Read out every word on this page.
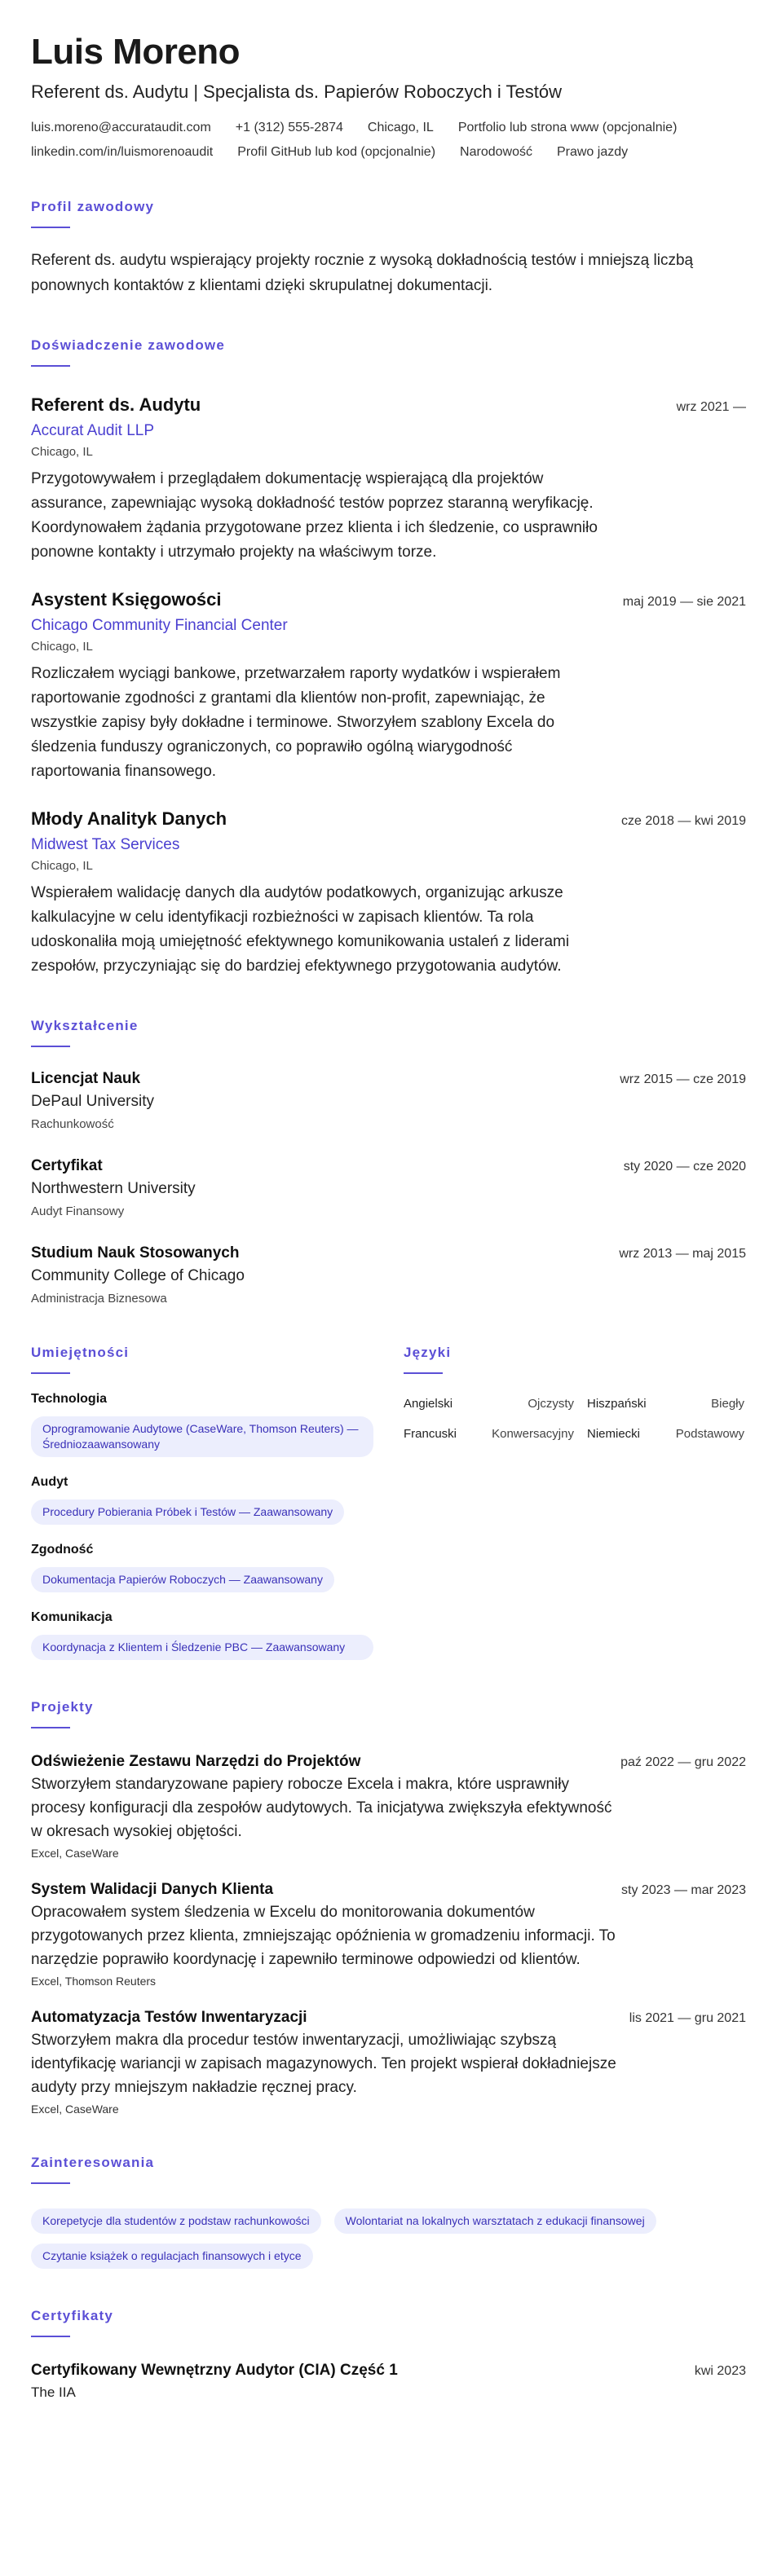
Luis Moreno
Referent ds. Audytu | Specjalista ds. Papierów Roboczych i Testów
luis.moreno@accurataudit.com +1 (312) 555-2874 Chicago, IL Portfolio lub strona www (opcjonalnie)
linkedin.com/in/luismorenoaudit Profil GitHub lub kod (opcjonalnie) Narodowość Prawo jazdy
Profil zawodowy

Referent ds. audytu wspierający projekty rocznie z wysoką dokładnością testów i mniejszą liczbą ponownych kontaktów z klientami dzięki skrupulatnej dokumentacji.

Doświadczenie zawodowe
Referent ds. Audytu	wrz 2021 —
Accurat Audit LLP
Chicago, IL

Przygotowywałem i przeglądałem dokumentację wspierającą dla projektów assurance, zapewniając wysoką dokładność testów poprzez staranną weryfikację. Koordynowałem żądania przygotowane przez klienta i ich śledzenie, co usprawniło ponowne kontakty i utrzymało projekty na właściwym torze.

Asystent Księgowości	maj 2019 — sie 2021
Chicago Community Financial Center
Chicago, IL

Rozliczałem wyciągi bankowe, przetwarzałem raporty wydatków i wspierałem raportowanie zgodności z grantami dla klientów non-profit, zapewniając, że wszystkie zapisy były dokładne i terminowe. Stworzyłem szablony Excela do śledzenia funduszy ograniczonych, co poprawiło ogólną wiarygodność raportowania finansowego.

Młody Analityk Danych	cze 2018 — kwi 2019
Midwest Tax Services
Chicago, IL

Wspierałem walidację danych dla audytów podatkowych, organizując arkusze kalkulacyjne w celu identyfikacji rozbieżności w zapisach klientów. Ta rola udoskonaliła moją umiejętność efektywnego komunikowania ustaleń z liderami zespołów, przyczyniając się do bardziej efektywnego przygotowania audytów.

Wykształcenie
Licencjat Nauk	wrz 2015 — cze 2019
DePaul University
Rachunkowość
Certyfikat	sty 2020 — cze 2020
Northwestern University
Audyt Finansowy
Studium Nauk Stosowanych	wrz 2013 — maj 2015
Community College of Chicago
Administracja Biznesowa
Umiejętności
Technologia
Oprogramowanie Audytowe (CaseWare, Thomson Reuters) — Średniozaawansowany
Audyt
Procedury Pobierania Próbek i Testów — Zaawansowany
Zgodność
Dokumentacja Papierów Roboczych — Zaawansowany
Komunikacja
Koordynacja z Klientem i Śledzenie PBC — Zaawansowany
Języki
Angielski	Ojczysty	Hiszpański	Biegły
Francuski	Konwersacyjny	Niemiecki	Podstawowy
Projekty
Odświeżenie Zestawu Narzędzi do Projektów	paź 2022 — gru 2022

Stworzyłem standaryzowane papiery robocze Excela i makra, które usprawniły procesy konfiguracji dla zespołów audytowych. Ta inicjatywa zwiększyła efektywność w okresach wysokiej objętości.

Excel, CaseWare
System Walidacji Danych Klienta	sty 2023 — mar 2023

Opracowałem system śledzenia w Excelu do monitorowania dokumentów przygotowanych przez klienta, zmniejszając opóźnienia w gromadzeniu informacji. To narzędzie poprawiło koordynację i zapewniło terminowe odpowiedzi od klientów.

Excel, Thomson Reuters
Automatyzacja Testów Inwentaryzacji	lis 2021 — gru 2021

Stworzyłem makra dla procedur testów inwentaryzacji, umożliwiając szybszą identyfikację wariancji w zapisach magazynowych. Ten projekt wspierał dokładniejsze audyty przy mniejszym nakładzie ręcznej pracy.

Excel, CaseWare
Zainteresowania
Korepetycje dla studentów z podstaw rachunkowości	Wolontariat na lokalnych warsztatach z edukacji finansowej
Czytanie książek o regulacjach finansowych i etyce
Certyfikaty
Certyfikowany Wewnętrzny Audytor (CIA) Część 1	kwi 2023
The IIA
